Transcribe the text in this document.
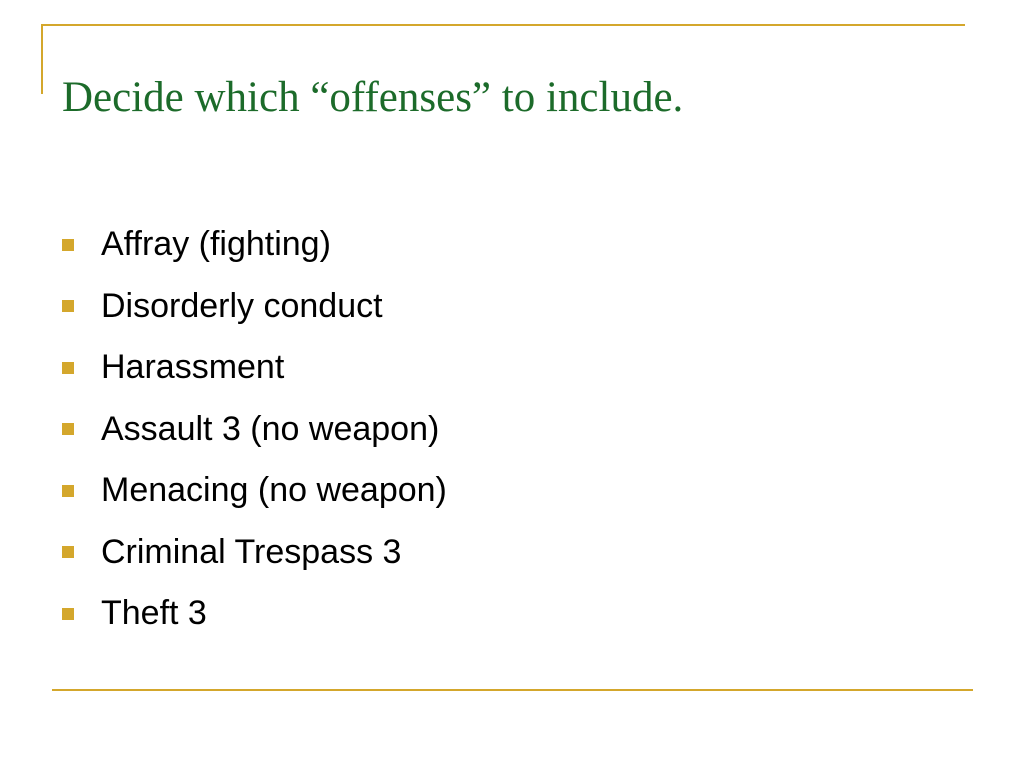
Decide which “offenses” to include.
Affray (fighting)
Disorderly conduct
Harassment
Assault 3 (no weapon)
Menacing (no weapon)
Criminal Trespass 3
Theft 3
